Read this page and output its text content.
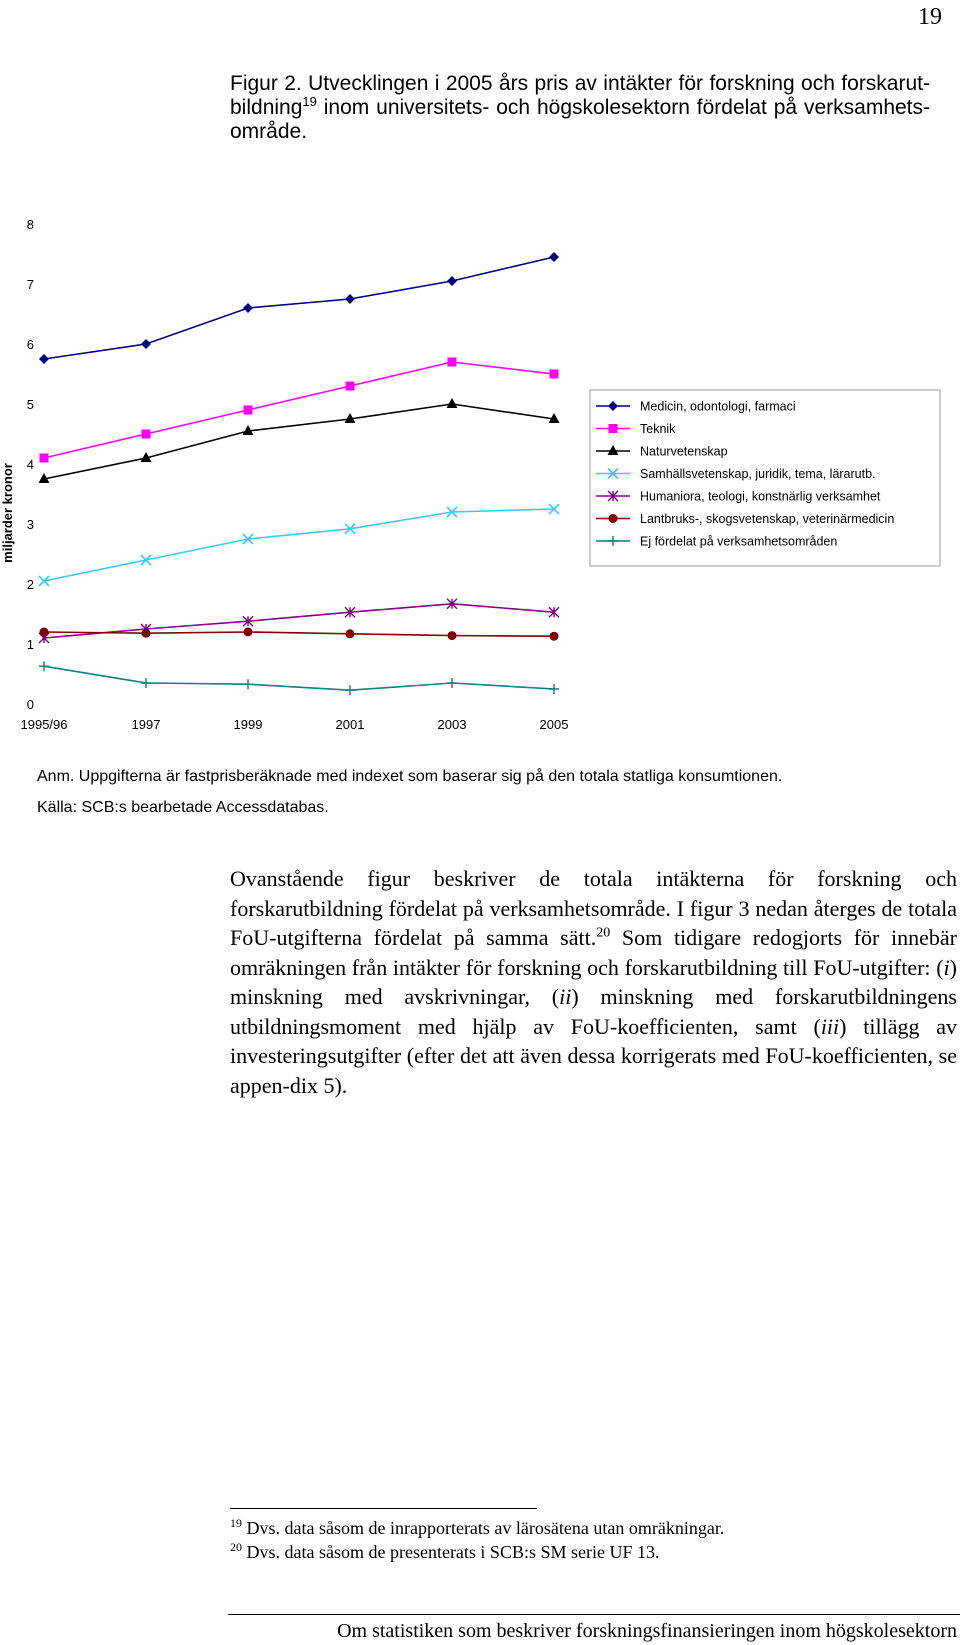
19
Figur 2. Utvecklingen i 2005 års pris av intäkter för forskning och forskarut-bildning$^{19}$ inom universitets- och högskolesektorn fördelat på verksamhets-område.
miljarder kronor
0
1
2
3
4
5
6
7
8
1995/96	1997	1999	2001	2003	2005
Medicin, odontologi, farmaci
Teknik
Naturvetenskap
Samhällsvetenskap, juridik, tema, lärarutb.
Humaniora, teologi, konstnärlig verksamhet
Lantbruks-, skogsvetenskap, veterinärmedicin
Ej fördelat på verksamhetsområden
Anm. Uppgifterna är fastprisberäknade med indexet som baserar sig på den totala statliga konsumtionen.
Källa: SCB:s bearbetade Accessdatabas.

Ovanstående figur beskriver de totala intäkterna för forskning och forskarutbildning fördelat på verksamhetsområde. I figur 3 nedan återges de totala FoU-utgifterna fördelat på samma sätt.$^{20}$ Som tidigare redogjorts för innebär omräkningen från intäkter för forskning och forskarutbildning till FoU-utgifter: (i) minskning med avskrivningar, (ii) minskning med forskarutbildningens utbildningsmoment med hjälp av FoU-koefficienten, samt (iii) tillägg av investeringsutgifter (efter det att även dessa korrigerats med FoU-koefficienten, se appen-dix 5).

$^{19}$ Dvs. data såsom de inrapporterats av lärosätena utan omräkningar.
$^{20}$ Dvs. data såsom de presenterats i SCB:s SM serie UF 13.
Om statistiken som beskriver forskningsfinansieringen inom högskolesektorn
